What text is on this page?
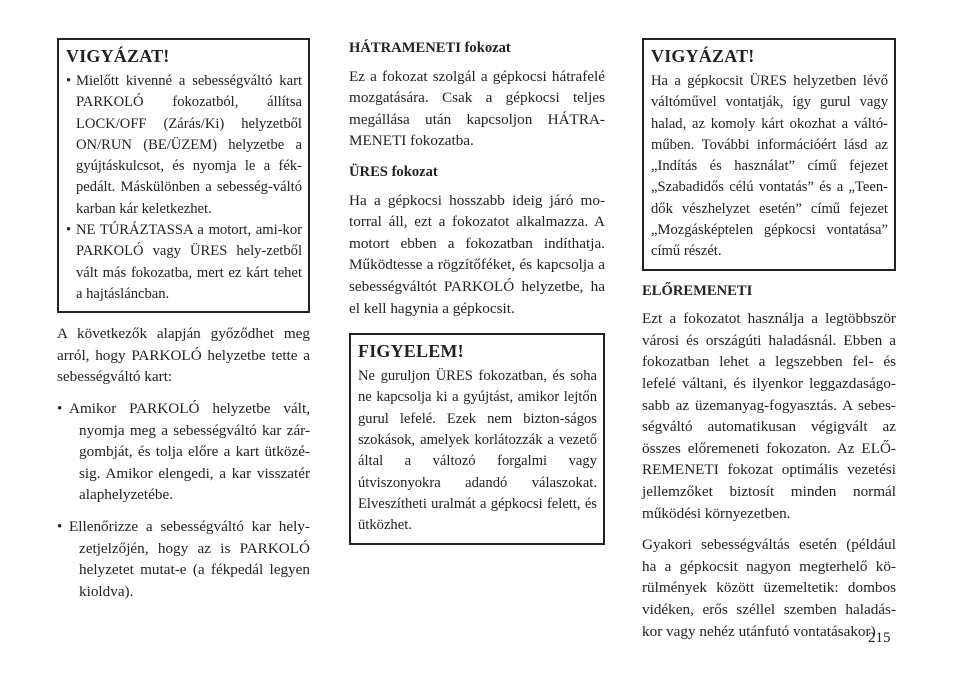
VIGYÁZAT!
• Mielőtt kivenné a sebességváltó kart PARKOLÓ fokozatból, állítsa LOCK/OFF (Zárás/Ki) helyzetből ON/RUN (BE/ÜZEM) helyzetbe a gyújtáskulcsot, és nyomja le a fék-pedált. Máskülönben a sebesség-váltó karban kár keletkezhet.
• NE TÚRÁZTASSA a motort, ami-kor PARKOLÓ vagy ÜRES hely-zetből vált más fokozatba, mert ez kárt tehet a hajtásláncban.

A következők alapján győződhet meg arról, hogy PARKOLÓ helyzetbe tette a sebességváltó kart:

• Amikor PARKOLÓ helyzetbe vált, nyomja meg a sebességváltó kar zár-gombját, és tolja előre a kart ütközé-sig. Amikor elengedi, a kar visszatér alaphelyzetébe.
• Ellenőrizze a sebességváltó kar hely-zetjelzőjén, hogy az is PARKOLÓ helyzetet mutat-e (a fékpedál legyen kioldva).
HÁTRAMENETI fokozat

Ez a fokozat szolgál a gépkocsi hátrafelé mozgatására. Csak a gépkocsi teljes megállása után kapcsoljon HÁTRA-MENETI fokozatba.

ÜRES fokozat

Ha a gépkocsi hosszabb ideig járó mo-torral áll, ezt a fokozatot alkalmazza. A motort ebben a fokozatban indíthatja. Működtesse a rögzítőféket, és kapcsolja a sebességváltót PARKOLÓ helyzetbe, ha el kell hagynia a gépkocsit.

FIGYELEM!

Ne guruljon ÜRES fokozatban, és soha ne kapcsolja ki a gyújtást, amikor lejtőn gurul lefelé. Ezek nem bizton-ságos szokások, amelyek korlátozzák a vezető által a változó forgalmi vagy útviszonyokra adandó válaszokat. Elveszítheti uralmát a gépkocsi felett, és ütközhet.

VIGYÁZAT!

Ha a gépkocsit ÜRES helyzetben lévő váltóművel vontatják, így gurul vagy halad, az komoly kárt okozhat a váltó-műben. További információért lásd az „Indítás és használat” című fejezet „Szabadidős célú vontatás” és a „Teen-dők vészhelyzet esetén” című fejezet „Mozgásképtelen gépkocsi vontatása” című részét.

ELŐREMENETI

Ezt a fokozatot használja a legtöbbször városi és országúti haladásnál. Ebben a fokozatban lehet a legszebben fel- és lefelé váltani, és ilyenkor leggazdaságo-sabb az üzemanyag-fogyasztás. A sebes-ségváltó automatikusan végigvált az összes előremeneti fokozaton. Az ELŐ-REMENETI fokozat optimális vezetési jellemzőket biztosít minden normál működési környezetben.

Gyakori sebességváltás esetén (például ha a gépkocsit nagyon megterhelő kö-rülmények között üzemeltetik: dombos vidéken, erős széllel szemben haladás-kor vagy nehéz utánfutó vontatásakor)

215
